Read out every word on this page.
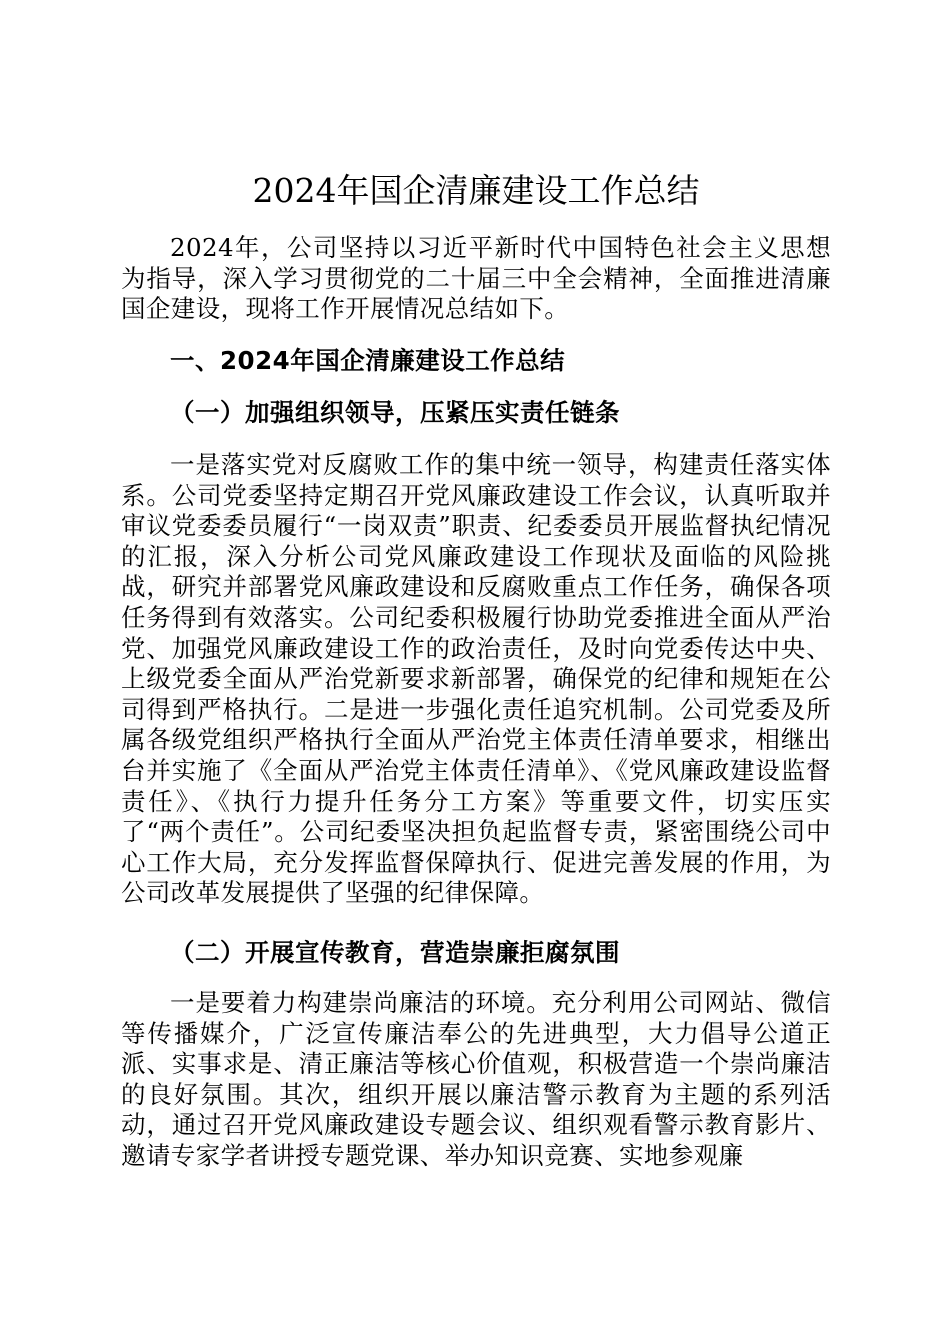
2024年国企清廉建设工作总结

2024年，公司坚持以习近平新时代中国特色社会主义思想为指导，深入学习贯彻党的二十届三中全会精神，全面推进清廉国企建设，现将工作开展情况总结如下。

一、2024年国企清廉建设工作总结
（一）加强组织领导，压紧压实责任链条

一是落实党对反腐败工作的集中统一领导，构建责任落实体系。公司党委坚持定期召开党风廉政建设工作会议，认真听取并审议党委委员履行“一岗双责”职责、纪委委员开展监督执纪情况的汇报，深入分析公司党风廉政建设工作现状及面临的风险挑战，研究并部署党风廉政建设和反腐败重点工作任务，确保各项任务得到有效落实。公司纪委积极履行协助党委推进全面从严治党、加强党风廉政建设工作的政治责任，及时向党委传达中央、上级党委全面从严治党新要求新部署，确保党的纪律和规矩在公司得到严格执行。二是进一步强化责任追究机制。公司党委及所属各级党组织严格执行全面从严治党主体责任清单要求，相继出台并实施了《全面从严治党主体责任清单》、《党风廉政建设监督责任》、《执行力提升任务分工方案》等重要文件，切实压实了“两个责任”。公司纪委坚决担负起监督专责，紧密围绕公司中心工作大局，充分发挥监督保障执行、促进完善发展的作用，为公司改革发展提供了坚强的纪律保障。

（二）开展宣传教育，营造崇廉拒腐氛围

一是要着力构建崇尚廉洁的环境。充分利用公司网站、微信等传播媒介，广泛宣传廉洁奉公的先进典型，大力倡导公道正派、实事求是、清正廉洁等核心价值观，积极营造一个崇尚廉洁的良好氛围。其次，组织开展以廉洁警示教育为主题的系列活动，通过召开党风廉政建设专题会议、组织观看警示教育影片、邀请专家学者讲授专题党课、举办知识竞赛、实地参观廉
